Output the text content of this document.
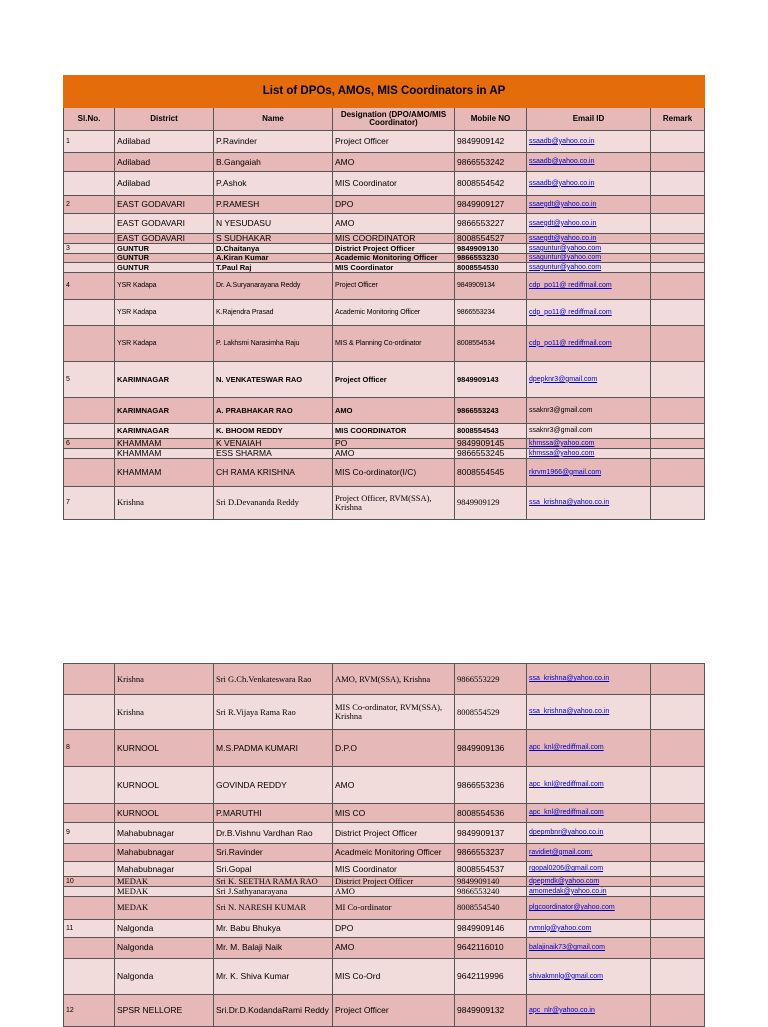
List of DPOs, AMOs, MIS Coordinators in AP						
Sl.No.	District	Name	Designation (DPO/AMO/MIS Coordinator)	Mobile NO	Email ID	Remark
1	Adilabad	P.Ravinder	Project Officer	9849909142	ssaadb@yahoo.co.in	
	Adilabad	B.Gangaiah	AMO	9866553242	ssaadb@yahoo.co.in	
	Adilabad	P.Ashok	MIS Coordinator	8008554542	ssaadb@yahoo.co.in	
2	EAST GODAVARI	P.RAMESH	DPO	9849909127	ssaegdt@yahoo.co.in	
	EAST GODAVARI	N YESUDASU	AMO	9866553227	ssaegdt@yahoo.co.in	
	EAST GODAVARI	S SUDHAKAR	MIS COORDINATOR	8008554527	ssaegdt@yahoo.co.in	
3	GUNTUR	D.Chaitanya	District Project Officer	9849909130	ssaguntur@yahoo.com	
	GUNTUR	A.Kiran Kumar	Academic Monitoring Officer	9866553230	ssaguntur@yahoo.com	
	GUNTUR	T.Paul Raj	MIS Coordinator	8008554530	ssaguntur@yahoo.com	
4	YSR Kadapa	Dr. A.Suryanarayana Reddy	Project Officer	9849909134	cdp_po11@ rediffmail.com	
	YSR Kadapa	K.Rajendra Prasad	Academic Monitoring Officer	9866553234	cdp_po11@ rediffmail.com	
	YSR Kadapa	P. Lakhsmi Narasimha Raju	MIS & Planning Co-ordinator	8008554534	cdp_po11@ rediffmail.com	
5	KARIMNAGAR	N. VENKATESWAR RAO	Project Officer	9849909143	dpepknr3@gmail.com	
	KARIMNAGAR	A. PRABHAKAR RAO	AMO	9866553243	ssaknr3@gmail.com	
	KARIMNAGAR	K. BHOOM REDDY	MIS COORDINATOR	8008554543	ssaknr3@gmail.com	
6	KHAMMAM	K VENAIAH	PO	9849909145	khmssa@yahoo.com	
	KHAMMAM	ESS SHARMA	AMO	9866553245	khmssa@yahoo.com	
	KHAMMAM	CH RAMA KRISHNA	MIS Co-ordinator(I/C)	8008554545	rkrvm1966@gmail.com	
7	Krishna	Sri D.Devananda Reddy	Project Officer, RVM(SSA), Krishna	9849909129	ssa_krishna@yahoo.co.in	
	Krishna	Sri G.Ch.Venkateswara Rao	AMO, RVM(SSA), Krishna	9866553229	ssa_krishna@yahoo.co.in	
	Krishna	Sri R.Vijaya Rama Rao	MIS Co-ordinator, RVM(SSA), Krishna	8008554529	ssa_krishna@yahoo.co.in	
8	KURNOOL	M.S.PADMA KUMARI	D.P.O	9849909136	apc_knl@rediffmail.com	
	KURNOOL	GOVINDA REDDY	AMO	9866553236	apc_knl@rediffmail.com	
	KURNOOL	P.MARUTHI	MIS CO	8008554536	apc_knl@rediffmail.com	
9	Mahabubnagar	Dr.B.Vishnu Vardhan Rao	District Project Officer	9849909137	dpepmbnr@yahoo.co.in	
	Mahabubnagar	Sri.Ravinder	Acadmeic Monitoring Officer	9866553237	ravidiet@gmail.com;	
	Mahabubnagar	Sri.Gopal	MIS Coordinator	8008554537	rgopal0206@gmail.com	
10	MEDAK	Sri K. SEETHA RAMA RAO	District Project Officer	9849909140	dpepmdk@yahoo.com	
	MEDAK	Sri J.Sathyanarayana	AMO	9866553240	amomedak@yahoo.co.in	
	MEDAK	Sri N. NARESH KUMAR	MI Co-ordinator	8008554540	plgcoordinator@yahoo.com	
11	Nalgonda	Mr. Babu Bhukya	DPO	9849909146	rvmnlg@yahoo.com	
	Nalgonda	Mr. M. Balaji Naik	AMO	9642116010	balajinaik73@gmail.com	
	Nalgonda	Mr. K. Shiva Kumar	MIS Co-Ord	9642119996	shivakmnlg@gmail.com	
12	SPSR NELLORE	Sri.Dr.D.KodandaRami Reddy	Project Officer	9849909132	apc_nlr@yahoo.co.in	
